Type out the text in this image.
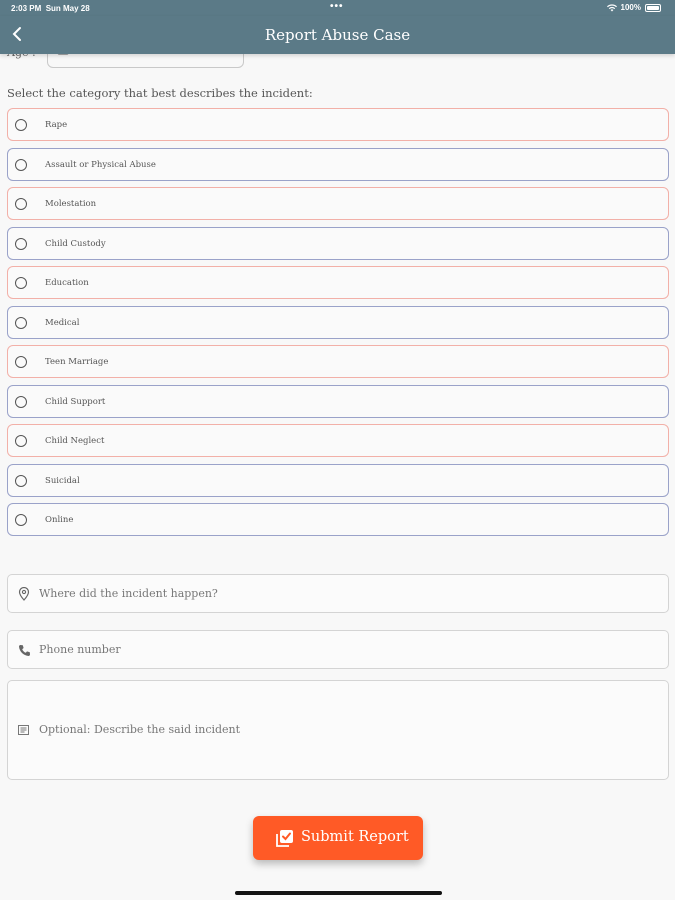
2:03 PM Sun May 28	•••	100%
Report Abuse Case
Select the category that best describes the incident:
Rape
Assault or Physical Abuse
Molestation
Child Custody
Education
Medical
Teen Marriage
Child Support
Child Neglect
Suicidal
Online
Where did the incident happen?
Phone number
Optional: Describe the said incident
Submit Report
